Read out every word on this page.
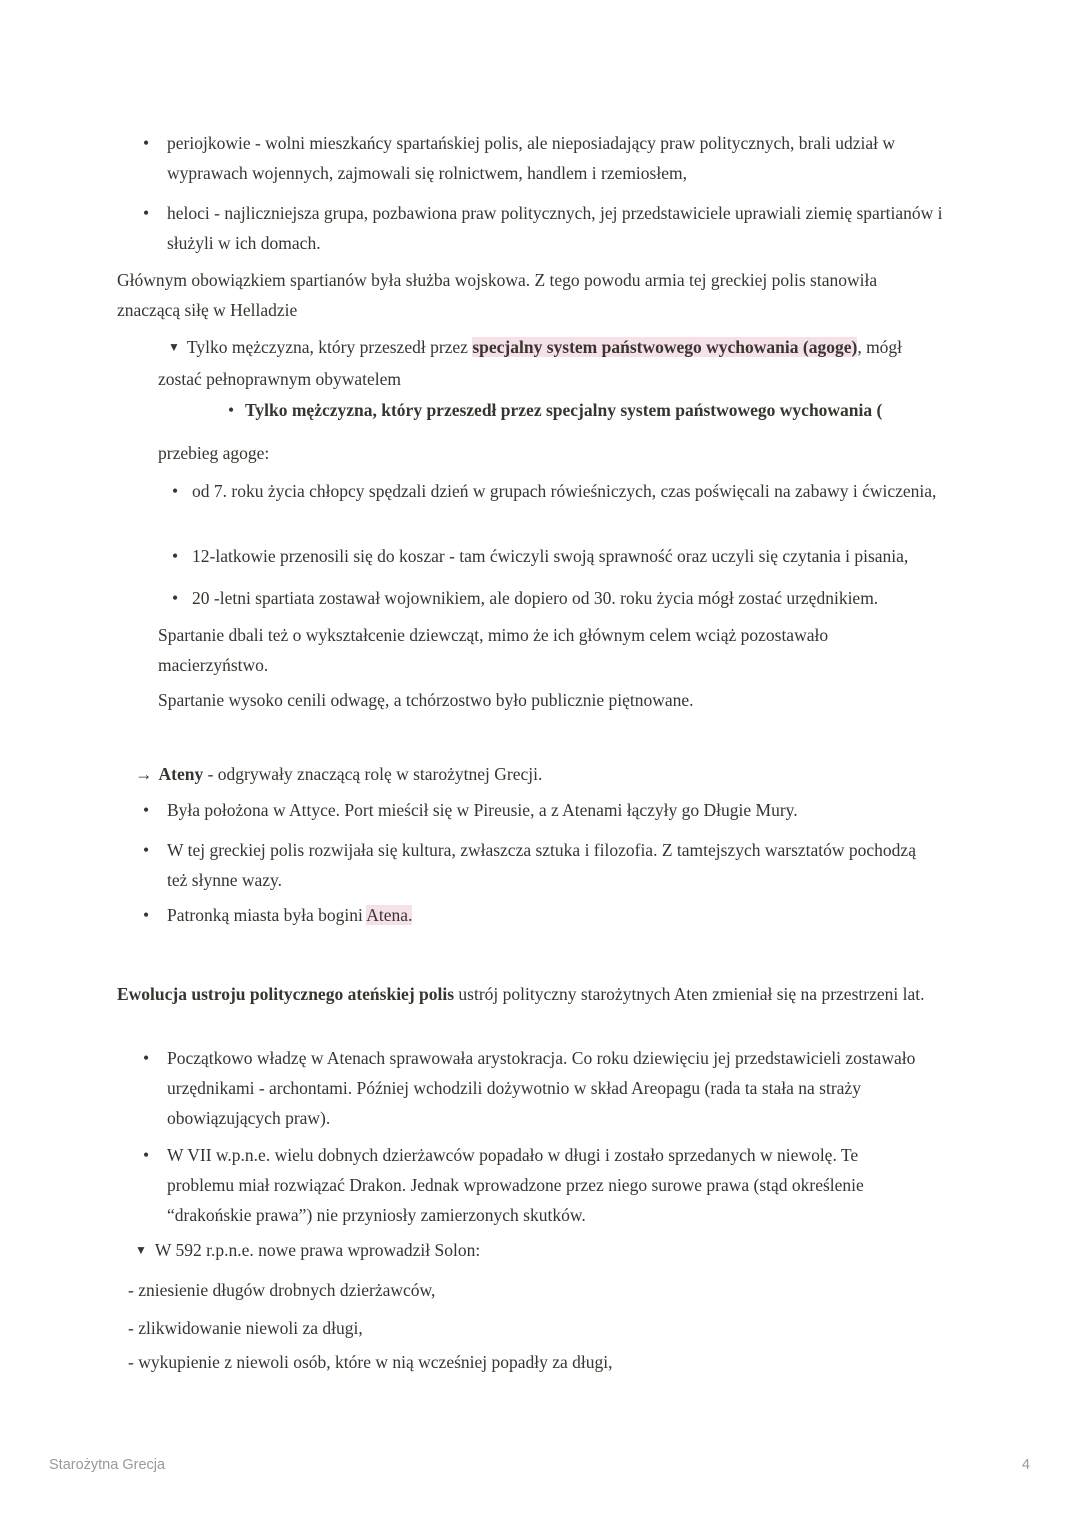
•	periojkowie - wolni mieszkańcy spartańskiej polis, ale nieposiadający praw politycznych, brali udział w wyprawach wojennych, zajmowali się rolnictwem, handlem i rzemiosłem,
•	heloci - najliczniejsza grupa, pozbawiona praw politycznych, jej przedstawiciele uprawiali ziemię spartianów i służyli w ich domach.
Głównym obowiązkiem spartianów była służba wojskowa. Z tego powodu armia tej greckiej polis stanowiła znaczącą siłę w Helladzie
▼ Tylko mężczyzna, który przeszedł przez specjalny system państwowego wychowania (agoge), mógł zostać pełnoprawnym obywatelem
• Tylko mężczyzna, który przeszedł przez specjalny system państwowego wychowania (
przebieg agoge:
• od 7. roku życia chłopcy spędzali dzień w grupach rówieśniczych, czas poświęcali na zabawy i ćwiczenia,
• 12-latkowie przenosili się do koszar - tam ćwiczyli swoją sprawność oraz uczyli się czytania i pisania,
• 20 -letni spartiata zostawał wojownikiem, ale dopiero od 30. roku życia mógł zostać urzędnikiem.
Spartanie dbali też o wykształcenie dziewcząt, mimo że ich głównym celem wciąż pozostawało macierzyństwo.
Spartanie wysoko cenili odwagę, a tchórzostwo było publicznie piętnowane.
→ Ateny - odgrywały znaczącą rolę w starożytnej Grecji.
•	Była położona w Attyce. Port mieścił się w Pireusie, a z Atenami łączyły go Długie Mury.
•	W tej greckiej polis rozwijała się kultura, zwłaszcza sztuka i filozofia. Z tamtejszych warsztatów pochodzą też słynne wazy.
•	Patronką miasta była bogini Atena.
Ewolucja ustroju politycznego ateńskiej polis ustrój polityczny starożytnych Aten zmieniał się na przestrzeni lat.
•	Początkowo władzę w Atenach sprawowała arystokracja. Co roku dziewięciu jej przedstawicieli zostawało urzędnikami - archontami. Później wchodzili dożywotnio w skład Areopagu (rada ta stała na straży obowiązujących praw).
•	W VII w.p.n.e. wielu dobnych dzierżawców popadało w długi i zostało sprzedanych w niewolę. Te problemu miał rozwiązać Drakon. Jednak wprowadzone przez niego surowe prawa (stąd określenie “drakońskie prawa”) nie przyniosły zamierzonych skutków.
▼ W 592 r.p.n.e. nowe prawa wprowadził Solon:
- zniesienie długów drobnych dzierżawców,
- zlikwidowanie niewoli za długi,
- wykupienie z niewoli osób, które w nią wcześniej popadły za długi,
Starożytna Grecja	4
